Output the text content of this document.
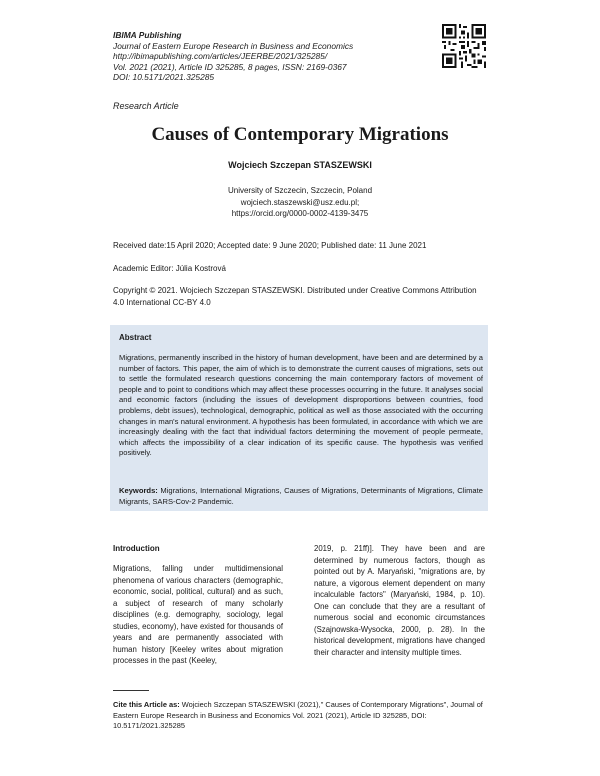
IBIMA Publishing
Journal of Eastern Europe Research in Business and Economics
http://ibimapublishing.com/articles/JEERBE/2021/325285/
Vol. 2021 (2021), Article ID 325285, 8 pages, ISSN: 2169-0367
DOI: 10.5171/2021.325285
Research Article
Causes of Contemporary Migrations
Wojciech Szczepan STASZEWSKI
University of Szczecin, Szczecin, Poland
wojciech.staszewski@usz.edu.pl;
https://orcid.org/0000-0002-4139-3475
Received date:15 April 2020; Accepted date: 9 June 2020; Published date: 11 June 2021
Academic Editor: Júlia Kostrová
Copyright © 2021. Wojciech Szczepan STASZEWSKI. Distributed under Creative Commons Attribution 4.0 International CC-BY 4.0
Abstract
Migrations, permanently inscribed in the history of human development, have been and are determined by a number of factors. This paper, the aim of which is to demonstrate the current causes of migrations, sets out to settle the formulated research questions concerning the main contemporary factors of movement of people and to point to conditions which may affect these processes occurring in the future. It analyses social and economic factors (including the issues of development disproportions between countries, food problems, debt issues), technological, demographic, political as well as those associated with the occurring changes in man's natural environment. A hypothesis has been formulated, in accordance with which we are increasingly dealing with the fact that individual factors determining the movement of people permeate, which affects the impossibility of a clear indication of its specific cause. The hypothesis was verified positively.
Keywords: Migrations, International Migrations, Causes of Migrations, Determinants of Migrations, Climate Migrants, SARS-Cov-2 Pandemic.
Introduction
Migrations, falling under multidimensional phenomena of various characters (demographic, economic, social, political, cultural) and as such, a subject of research of many scholarly disciplines (e.g. demography, sociology, legal studies, economy), have existed for thousands of years and are permanently associated with human history [Keeley writes about migration processes in the past (Keeley,
2019, p. 21ff)]. They have been and are determined by numerous factors, though as pointed out by A. Maryański, "migrations are, by nature, a vigorous element dependent on many incalculable factors" (Maryański, 1984, p. 10). One can conclude that they are a resultant of numerous social and economic circumstances (Szajnowska-Wysocka, 2000, p. 28). In the historical development, migrations have changed their character and intensity multiple times.
Cite this Article as: Wojciech Szczepan STASZEWSKI (2021)," Causes of Contemporary Migrations", Journal of Eastern Europe Research in Business and Economics Vol. 2021 (2021), Article ID 325285, DOI: 10.5171/2021.325285
